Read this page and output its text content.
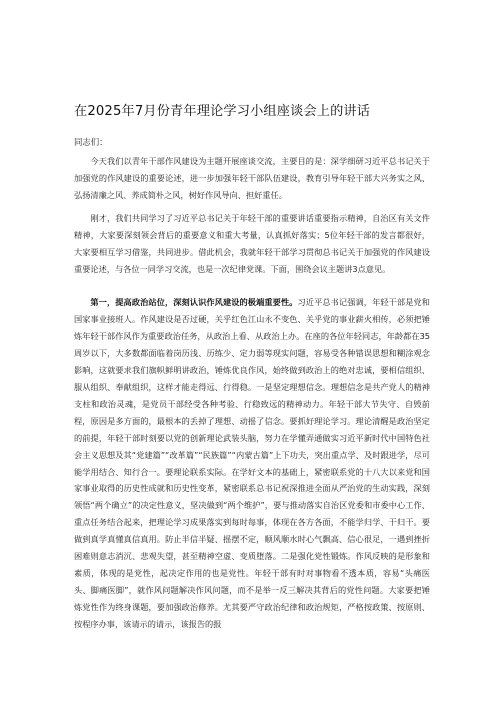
在2025年7月份青年理论学习小组座谈会上的讲话
同志们：

今天我们以青年干部作风建设为主题开展座谈交流，主要目的是：深学细研习近平总书记关于加强党的作风建设的重要论述，进一步加强年轻干部队伍建设，教育引导年轻干部大兴务实之风、弘扬清廉之风、养成简朴之风，树好作风导向、担好重任。

刚才，我们共同学习了习近平总书记关于年轻干部的重要讲话重要指示精神，自治区有关文件精神，大家要深刻领会背后的重要意义和重大考量，认真抓好落实；5位年轻干部的发言都很好，大家要相互学习借鉴，共同进步。借此机会，我就年轻干部学习贯彻总书记关于加强党的作风建设重要论述，与各位一同学习交流，也是一次纪律党课。下面，围绕会议主题讲3点意见。

第一，提高政治站位，深刻认识作风建设的极端重要性。习近平总书记强调，年轻干部是党和国家事业接班人。作风建设是否过硬，关乎红色江山永不变色、关乎党的事业薪火相传，必须把锤炼年轻干部作风作为重要政治任务，从政治上看、从政治上办。在座的各位年轻同志，年龄都在35周岁以下，大多数都面临着岗历浅、历练少、定力弱等现实问题，容易受各种错误思想和糊涂观念影响，这就要求我们旗帜鲜明讲政治，锤炼优良作风，始终做到政治上的绝对忠诚，要相信组织、服从组织、奉献组织，这样才能走得远、行得稳。一是坚定理想信念。理想信念是共产党人的精神支柱和政治灵魂，是党员干部经受各种考验、行稳致远的精神动力。年轻干部大节失守、自毁前程，原因是多方面的，最根本的丢掉了理想、动摇了信念。要抓好理论学习。理论清醒是政治坚定的前提，年轻干部时刻要以党的创新理论武装头脑，努力在学懂弄通做实习近平新时代中国特色社会主义思想及其“党建篇”“改革篇”“民族篇”“内蒙古篇”上下功夫，突出重点学、及时跟进学，尽可能学用结合、知行合一。要理论联系实际。在学好文本的基础上，紧密联系党的十八大以来党和国家事业取得的历史性成就和历史性变革，紧密联系总书记祝深推进全面从严治党的生动实践，深刻领悟“两个确立”的决定性意义，坚决做到“两个维护”，要与推动落实自治区党委和市委中心工作、重点任务结合起来，把理论学习成果落实到每时每事，体现在各方各面，不能学归学、干归干。要做到真学真懂真信真用。防止半信半疑、摇摆不定，顺风顺水时心气飘高、信心很足，一遇到挫折困难则意志消沉、悲观失望，甚至精神空虚、变质堕落。二是强化党性锻炼。作风反映的是形象和素质，体现的是党性，起决定作用的也是党性。年轻干部有时对事物看不透本质，容易“头痛医头、脚痛医脚”，就作风问题解决作风问题，而不是举一反三解决其背后的党性问题。大家要把锤炼党性作为终身课题，要加强政治修养。尤其要严守政治纪律和政治规矩，严格按政策、按原则、按程序办事，该请示的请示，该报告的报
